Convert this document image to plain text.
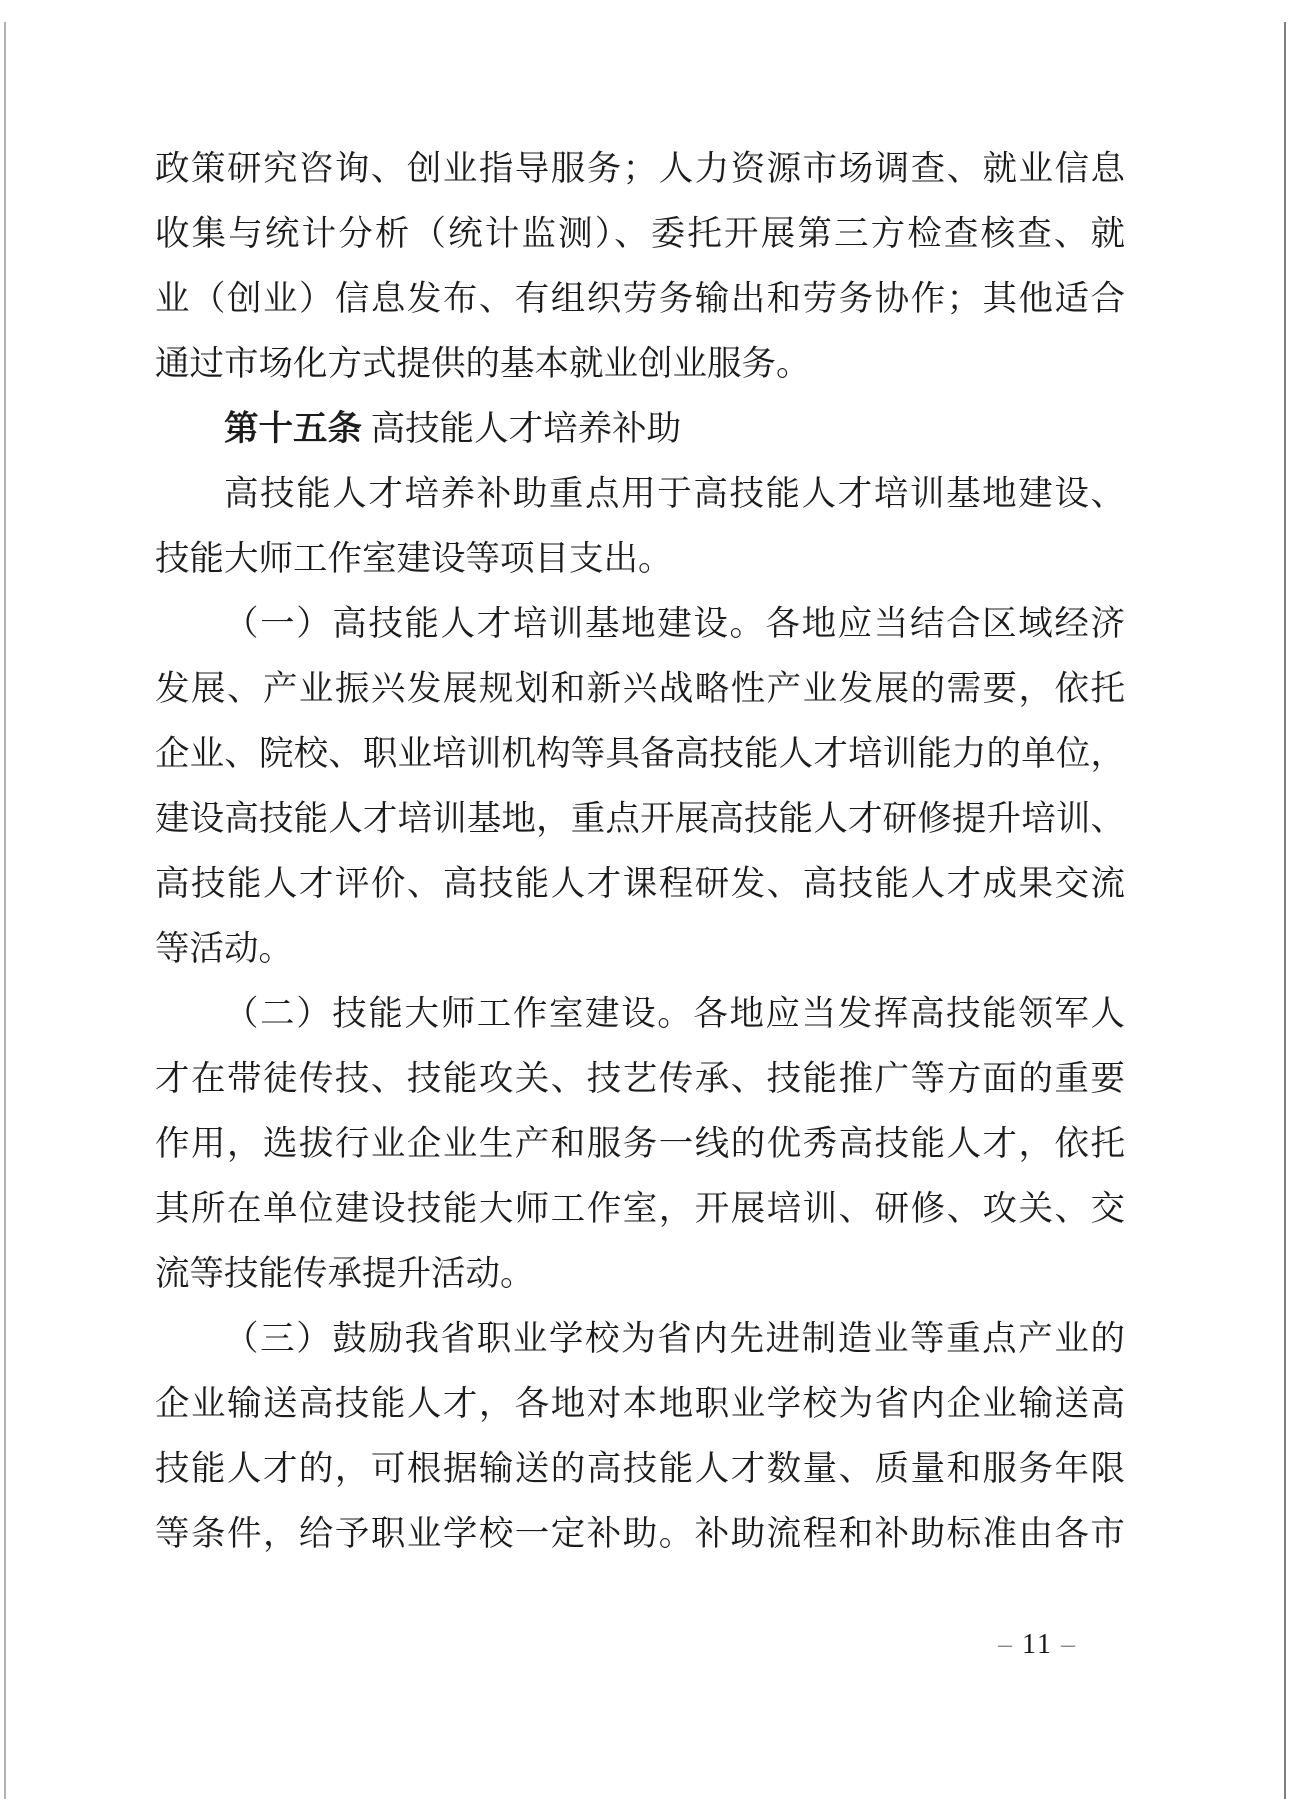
政策研究咨询、创业指导服务；人力资源市场调查、就业信息
收集与统计分析（统计监测）、委托开展第三方检查核查、就
业（创业）信息发布、有组织劳务输出和劳务协作；其他适合
通过市场化方式提供的基本就业创业服务。
第十五条 高技能人才培养补助
高技能人才培养补助重点用于高技能人才培训基地建设、
技能大师工作室建设等项目支出。
（一）高技能人才培训基地建设。各地应当结合区域经济
发展、产业振兴发展规划和新兴战略性产业发展的需要，依托
企业、院校、职业培训机构等具备高技能人才培训能力的单位，
建设高技能人才培训基地，重点开展高技能人才研修提升培训、
高技能人才评价、高技能人才课程研发、高技能人才成果交流
等活动。
（二）技能大师工作室建设。各地应当发挥高技能领军人
才在带徒传技、技能攻关、技艺传承、技能推广等方面的重要
作用，选拔行业企业生产和服务一线的优秀高技能人才，依托
其所在单位建设技能大师工作室，开展培训、研修、攻关、交
流等技能传承提升活动。
（三）鼓励我省职业学校为省内先进制造业等重点产业的
企业输送高技能人才，各地对本地职业学校为省内企业输送高
技能人才的，可根据输送的高技能人才数量、质量和服务年限
等条件，给予职业学校一定补助。补助流程和补助标准由各市
– 11 –
